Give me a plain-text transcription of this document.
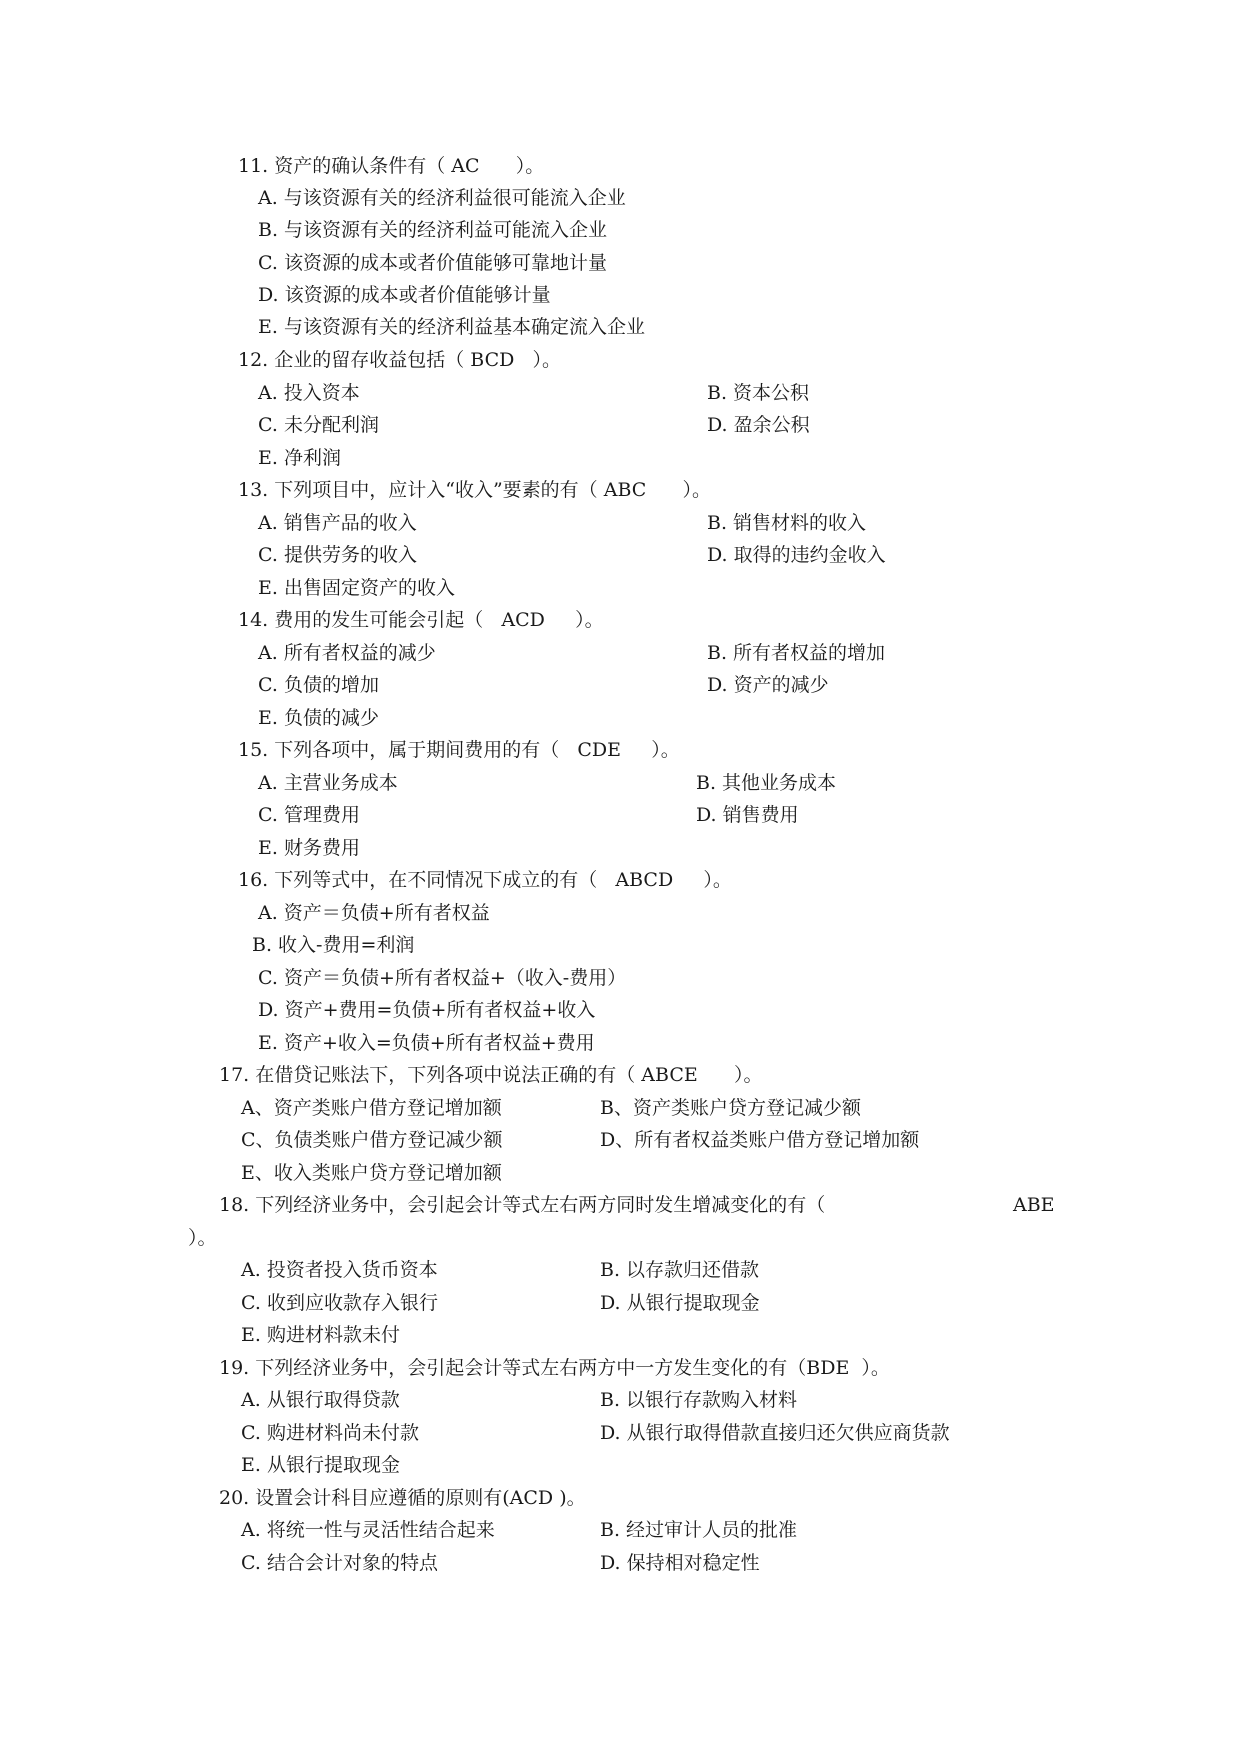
11. 资产的确认条件有（ AC      ）。
A. 与该资源有关的经济利益很可能流入企业
B. 与该资源有关的经济利益可能流入企业
C. 该资源的成本或者价值能够可靠地计量
D. 该资源的成本或者价值能够计量
E. 与该资源有关的经济利益基本确定流入企业
12. 企业的留存收益包括（ BCD   ）。
A. 投入资本	B. 资本公积
C. 未分配利润	D. 盈余公积
E. 净利润
13. 下列项目中，应计入“收入”要素的有（ ABC      ）。
A. 销售产品的收入	B. 销售材料的收入
C. 提供劳务的收入	D. 取得的违约金收入
E. 出售固定资产的收入
14. 费用的发生可能会引起（   ACD     ）。
A. 所有者权益的减少	B. 所有者权益的增加
C. 负债的增加	D. 资产的减少
E. 负债的减少
15. 下列各项中，属于期间费用的有（   CDE     ）。
A. 主营业务成本	B. 其他业务成本
C. 管理费用	D. 销售费用
E. 财务费用
16. 下列等式中，在不同情况下成立的有（   ABCD     ）。
A. 资产＝负债+所有者权益
B. 收入-费用=利润
C. 资产＝负债+所有者权益+（收入-费用）
D. 资产+费用=负债+所有者权益+收入
E. 资产+收入=负债+所有者权益+费用
17. 在借贷记账法下，下列各项中说法正确的有（ ABCE      ）。
A、资产类账户借方登记增加额	B、资产类账户贷方登记减少额
C、负债类账户借方登记减少额	D、所有者权益类账户借方登记增加额
E、收入类账户贷方登记增加额
18. 下列经济业务中，会引起会计等式左右两方同时发生增减变化的有（	ABE
）。
A. 投资者投入货币资本	B. 以存款归还借款
C. 收到应收款存入银行	D. 从银行提取现金
E. 购进材料款未付
19. 下列经济业务中，会引起会计等式左右两方中一方发生变化的有（BDE  ）。
A. 从银行取得贷款	B. 以银行存款购入材料
C. 购进材料尚未付款	D. 从银行取得借款直接归还欠供应商货款
E. 从银行提取现金
20. 设置会计科目应遵循的原则有(ACD )。
A. 将统一性与灵活性结合起来	B. 经过审计人员的批准
C. 结合会计对象的特点	D. 保持相对稳定性
